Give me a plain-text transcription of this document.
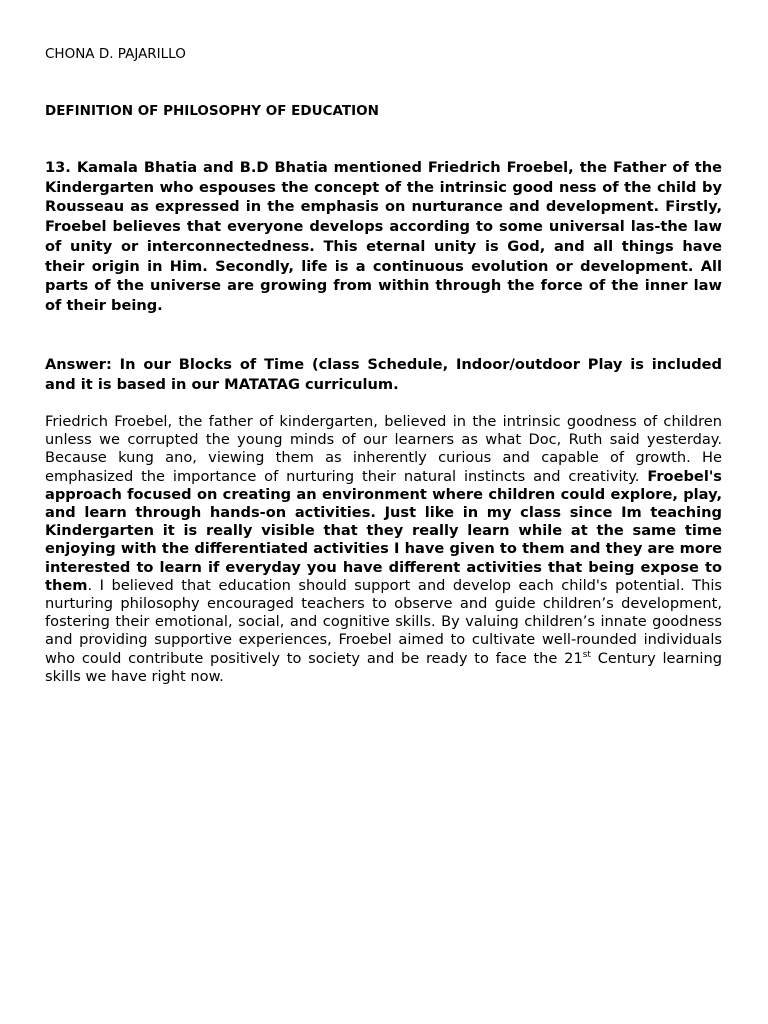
CHONA D. PAJARILLO
DEFINITION OF PHILOSOPHY OF EDUCATION
13. Kamala Bhatia and B.D Bhatia mentioned Friedrich Froebel, the Father of the Kindergarten who espouses the concept of the intrinsic good ness of the child by Rousseau as expressed in the emphasis on nurturance and development. Firstly, Froebel believes that everyone develops according to some universal las-the law of unity or interconnectedness. This eternal unity is God, and all things have their origin in Him. Secondly, life is a continuous evolution or development. All parts of the universe are growing from within through the force of the inner law of their being.
Answer: In our Blocks of Time (class Schedule, Indoor/outdoor Play is included and it is based in our MATATAG curriculum.
Friedrich Froebel, the father of kindergarten, believed in the intrinsic goodness of children unless we corrupted the young minds of our learners as what Doc, Ruth said yesterday. Because kung ano, viewing them as inherently curious and capable of growth. He emphasized the importance of nurturing their natural instincts and creativity. Froebel's approach focused on creating an environment where children could explore, play, and learn through hands-on activities. Just like in my class since Im teaching Kindergarten it is really visible that they really learn while at the same time enjoying with the differentiated activities I have given to them and they are more interested to learn if everyday you have different activities that being expose to them. I believed that education should support and develop each child's potential. This nurturing philosophy encouraged teachers to observe and guide children’s development, fostering their emotional, social, and cognitive skills. By valuing children’s innate goodness and providing supportive experiences, Froebel aimed to cultivate well-rounded individuals who could contribute positively to society and be ready to face the 21st Century learning skills we have right now.
